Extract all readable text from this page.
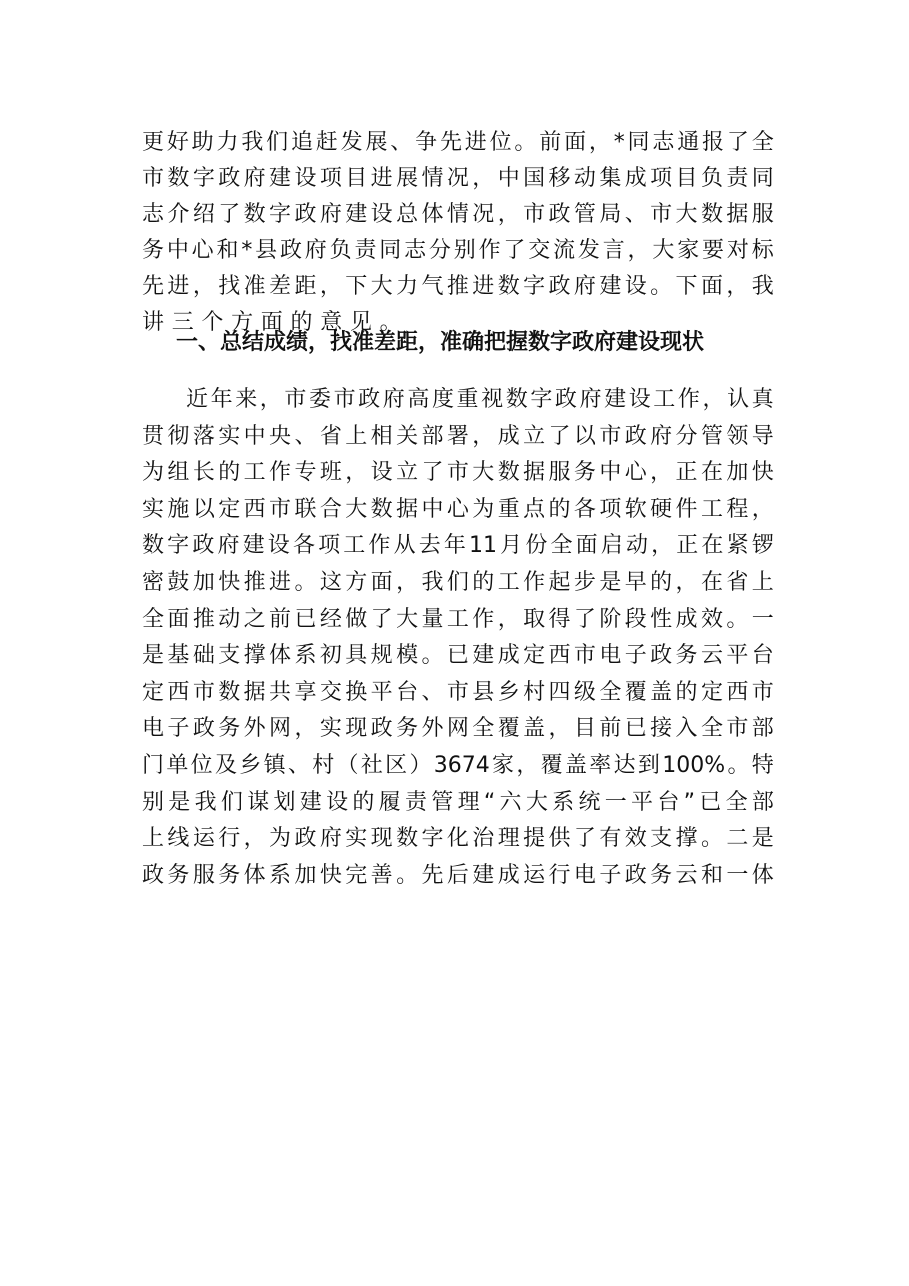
更 好 助 力 我 们 追 赶 发 展 、 争 先 进 位 。 前 面 ， * 同 志 通 报 了 全
市 数 字 政 府 建 设 项 目 进 展 情 况 ， 中 国 移 动 集 成 项 目 负 责 同
志 介 绍 了 数 字 政 府 建 设 总 体 情 况 ， 市 政 管 局 、 市 大 数 据 服
务 中 心 和 * 县 政 府 负 责 同 志 分 别 作 了 交 流 发 言 ， 大 家 要 对 标
先 进 ， 找 准 差 距 ， 下 大 力 气 推 进 数 字 政 府 建 设 。 下 面 ， 我
讲三个方面的意见。
一、总结成绩，找准差距，准确把握数字政府建设现状
近 年 来 ， 市 委 市 政 府 高 度 重 视 数 字 政 府 建 设 工 作 ， 认 真
贯 彻 落 实 中 央 、 省 上 相 关 部 署 ， 成 立 了 以 市 政 府 分 管 领 导
为 组 长 的 工 作 专 班 ， 设 立 了 市 大 数 据 服 务 中 心 ， 正 在 加 快
实 施 以 定 西 市 联 合 大 数 据 中 心 为 重 点 的 各 项 软 硬 件 工 程 ，
数 字 政 府 建 设 各 项 工 作 从 去 年 11 月 份 全 面 启 动 ， 正 在 紧 锣
密 鼓 加 快 推 进 。 这 方 面 ， 我 们 的 工 作 起 步 是 早 的 ， 在 省 上
全 面 推 动 之 前 已 经 做 了 大 量 工 作 ， 取 得 了 阶 段 性 成 效 。 一
是 基 础 支 撑 体 系 初 具 规 模 。 已 建 成 定 西 市 电 子 政 务 云 平 台
定 西 市 数 据 共 享 交 换 平 台 、 市 县 乡 村 四 级 全 覆 盖 的 定 西 市
电 子 政 务 外 网 ， 实 现 政 务 外 网 全 覆 盖 ， 目 前 已 接 入 全 市 部
门 单 位 及 乡 镇 、 村 （ 社 区 ） 3674 家 ， 覆 盖 率 达 到 100% 。 特
别 是 我 们 谋 划 建 设 的 履 责 管 理 “ 六 大 系 统 一 平 台 ” 已 全 部
上 线 运 行 ， 为 政 府 实 现 数 字 化 治 理 提 供 了 有 效 支 撑 。 二 是
政 务 服 务 体 系 加 快 完 善 。 先 后 建 成 运 行 电 子 政 务 云 和 一 体
